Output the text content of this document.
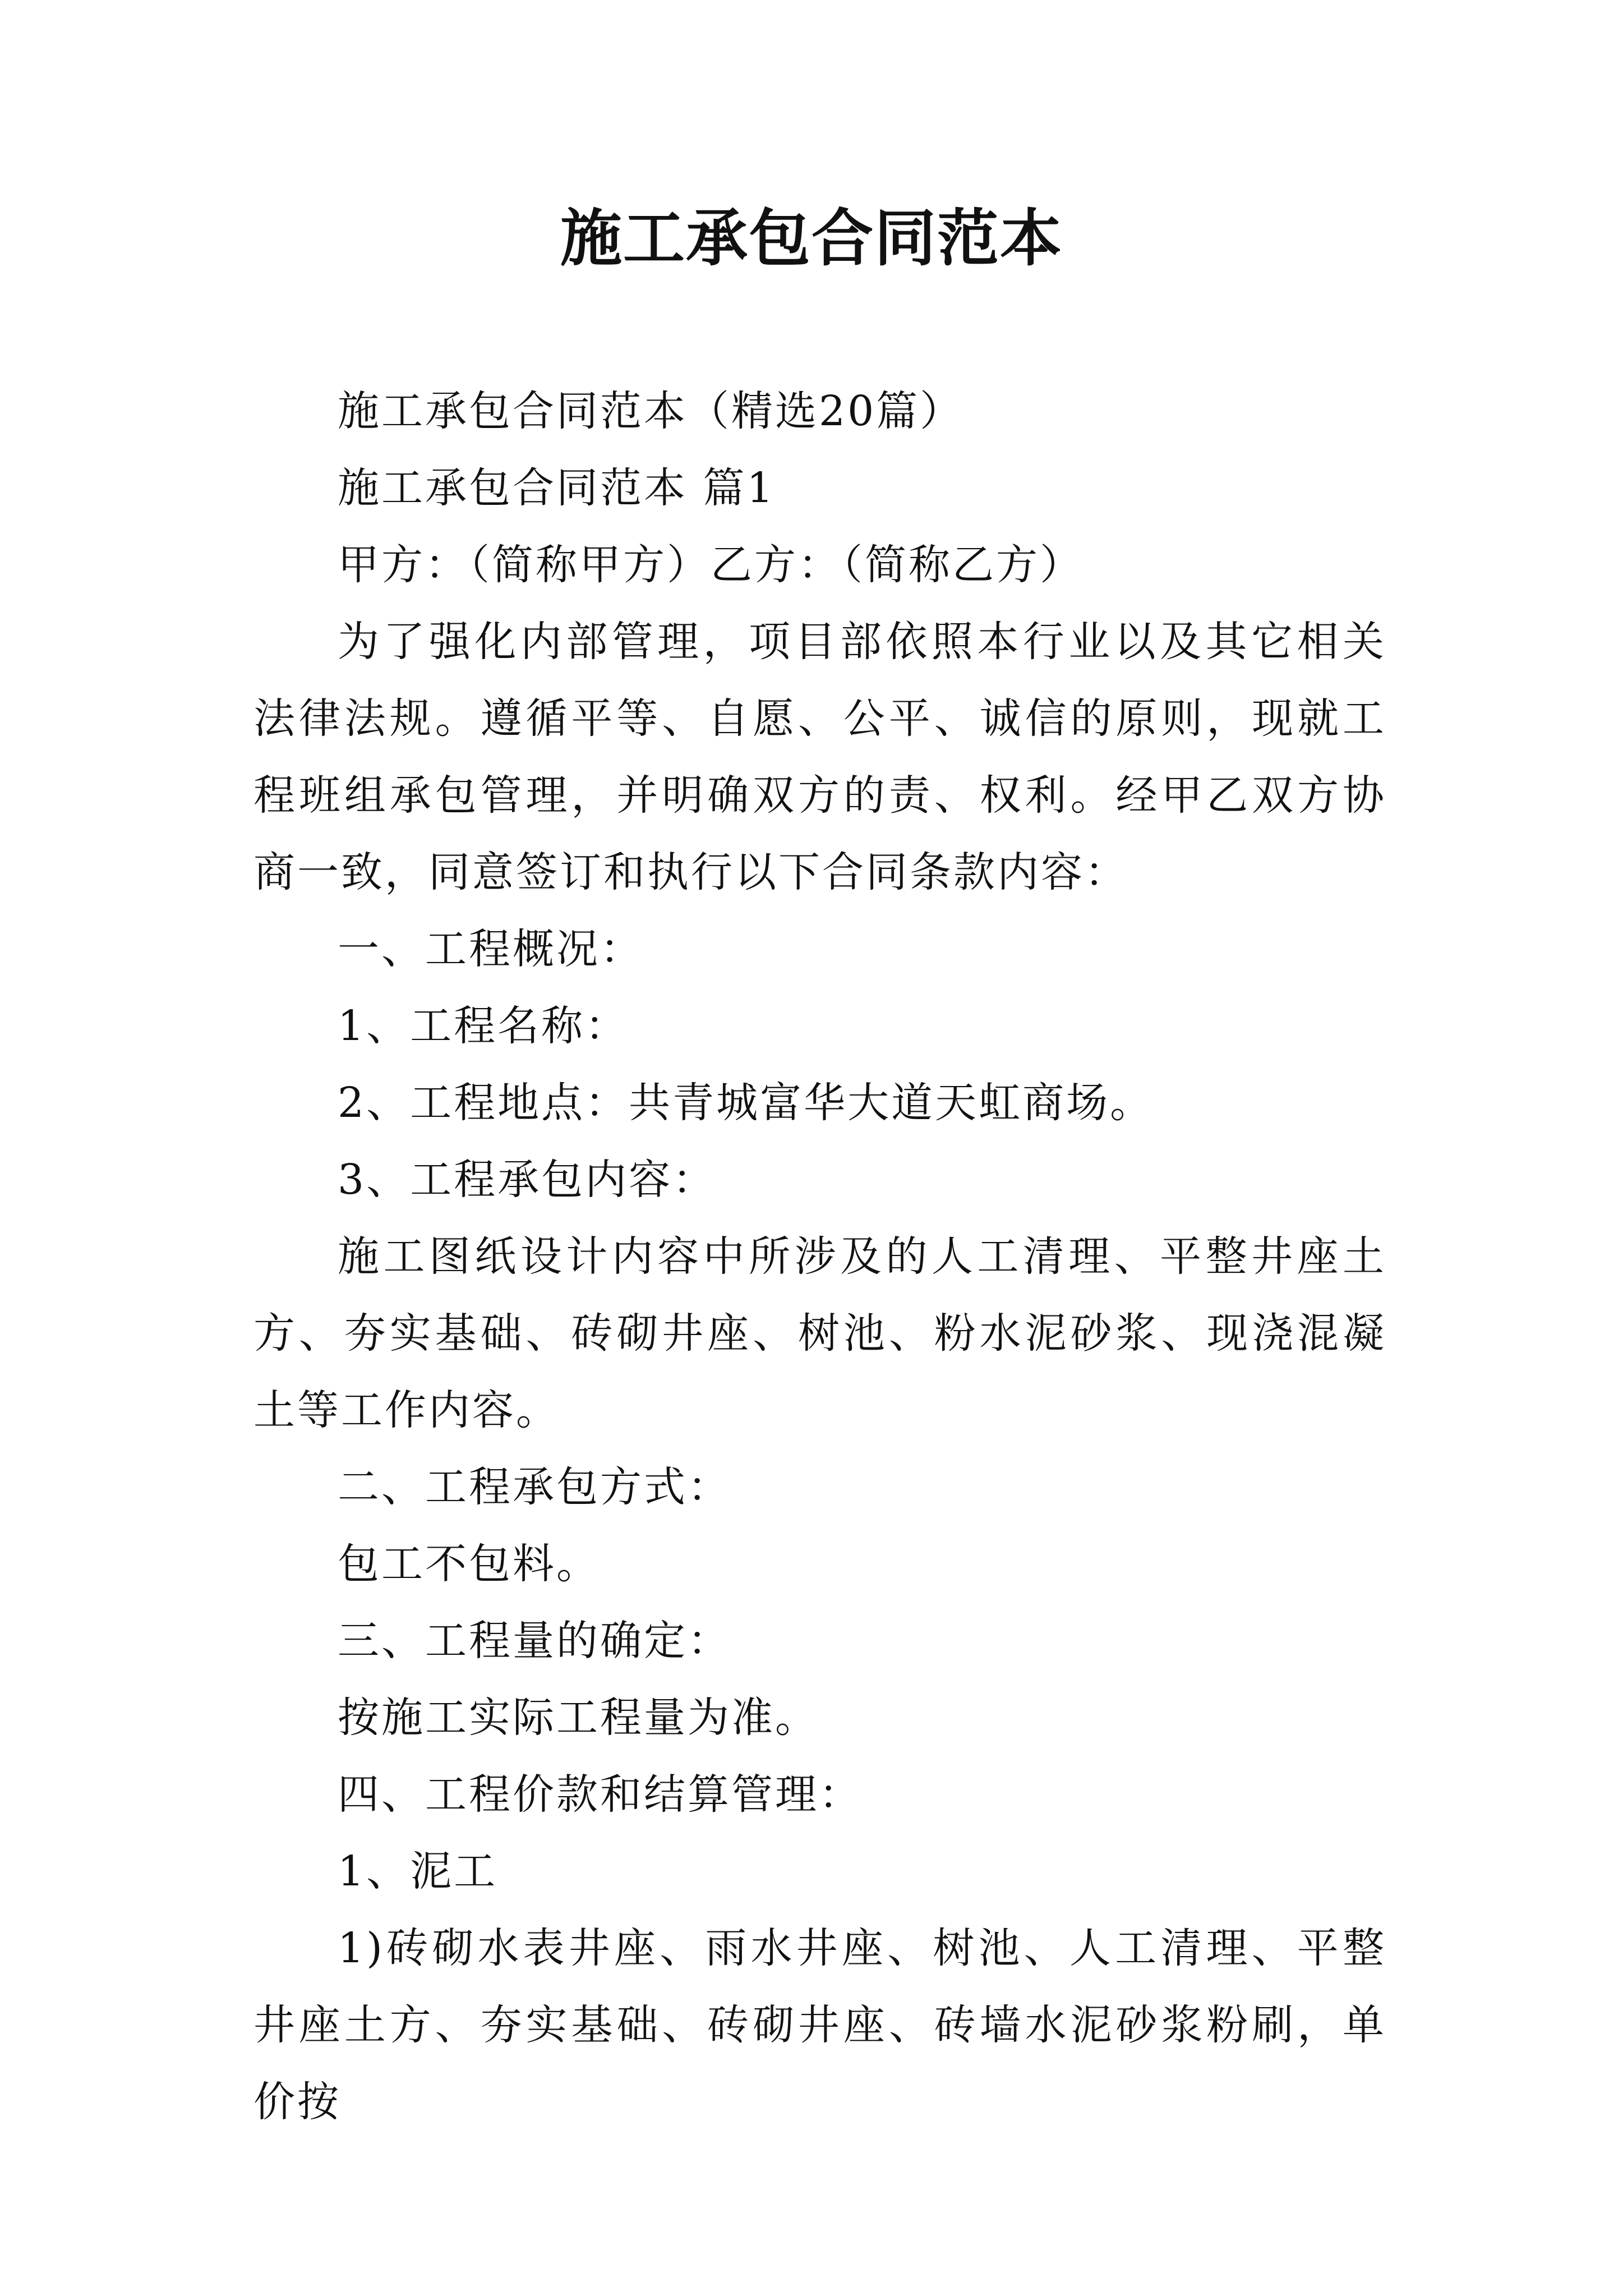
施工承包合同范本

施工承包合同范本（精选20篇）

施工承包合同范本 篇1

甲方：（简称甲方）乙方：（简称乙方）

为了强化内部管理，项目部依照本行业以及其它相关法律法规。遵循平等、自愿、公平、诚信的原则，现就工程班组承包管理，并明确双方的责、权利。经甲乙双方协商一致，同意签订和执行以下合同条款内容：

一、工程概况：

1、工程名称：

2、工程地点：共青城富华大道天虹商场。

3、工程承包内容：

施工图纸设计内容中所涉及的人工清理、平整井座土方、夯实基础、砖砌井座、树池、粉水泥砂浆、现浇混凝土等工作内容。

二、工程承包方式：

包工不包料。

三、工程量的确定：

按施工实际工程量为准。

四、工程价款和结算管理：

1、泥工

1)砖砌水表井座、雨水井座、树池、人工清理、平整井座土方、夯实基础、砖砌井座、砖墙水泥砂浆粉刷，单价按
